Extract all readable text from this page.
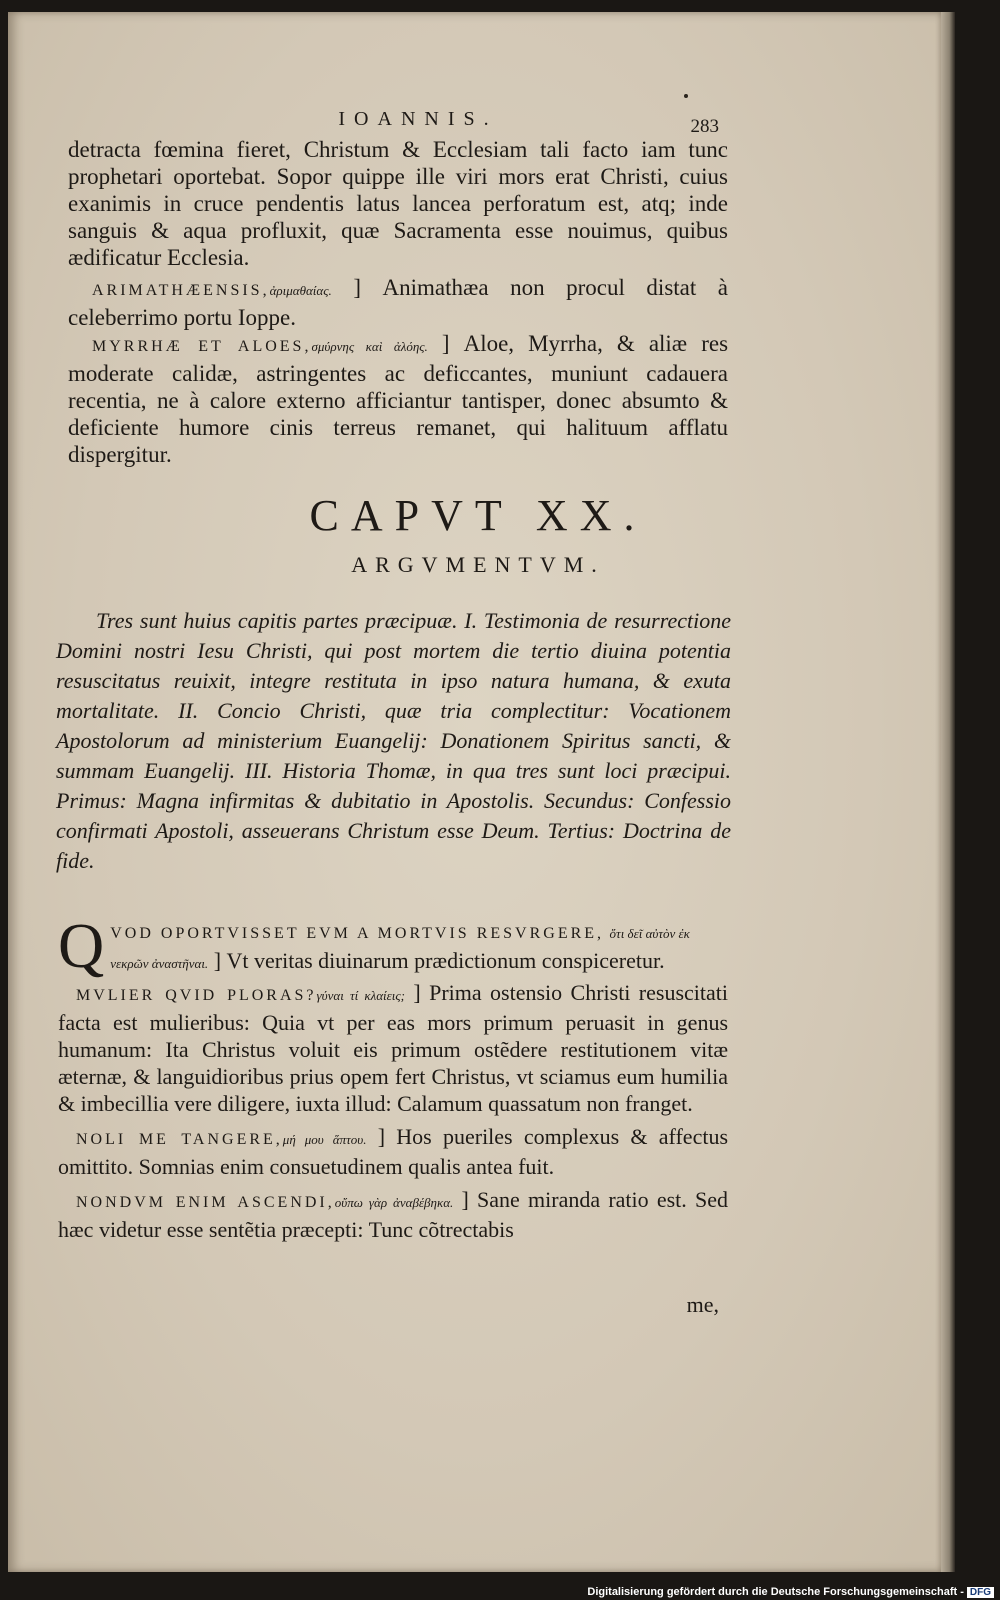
IOANNIS.	283
detracta fœmina fieret, Christum & Ecclesiam tali facto iam tunc prophetari oportebat. Sopor quippe ille viri mors erat Christi, cuius exanimis in cruce pendentis latus lancea perforatum est, atq; inde sanguis & aqua profluxit, quæ Sacramenta esse nouimus, quibus ædificatur Ecclesia.
ARIMATHÆENSIS,ἀριμαθαίας. ] Animathæa non procul distat à celeberrimo portu Ioppe.
MYRRHÆ ET ALOES,σμύρνης καὶ ἀλόης. ] Aloe, Myrrha, & aliæ res moderate calidæ, astringentes ac deficcantes, muniunt cadauera recentia, ne à calore externo afficiantur tantisper, donec absumto & deficiente humore cinis terreus remanet, qui halituum afflatu dispergitur.
CAPVT XX.
ARGVMENTVM.
Tres sunt huius capitis partes præcipuæ. I. Testimonia de resurrectione Domini nostri Iesu Christi, qui post mortem die tertio diuina potentia resuscitatus reuixit, integre restituta in ipso natura humana, & exuta mortalitate. II. Concio Christi, quæ tria complectitur: Vocationem Apostolorum ad ministerium Euangelij: Donationem Spiritus sancti, & summam Euangelij. III. Historia Thomæ, in qua tres sunt loci præcipui. Primus: Magna infirmitas & dubitatio in Apostolis. Secundus: Confessio confirmati Apostoli, asseuerans Christum esse Deum. Tertius: Doctrina de fide.
Q VOD OPORTVISSET EVM A MORTVIS RESVRGERE, ὅτι δεῖ αὐτὸν ἐκ νεκρῶν ἀναστῆναι. ] Vt veritas diuinarum prædictionum conspiceretur.
MVLIER QVID PLORAS?γύναι τί κλαίεις; ] Prima ostensio Christi resuscitati facta est mulieribus: Quia vt per eas mors primum peruasit in genus humanum: Ita Christus voluit eis primum ostẽdere restitutionem vitæ æternæ, & languidioribus prius opem fert Christus, vt sciamus eum humilia & imbecillia vere diligere, iuxta illud: Calamum quassatum non franget.
NOLI ME TANGERE,μή μου ἅπτου. ] Hos pueriles complexus & affectus omittito. Somnias enim consuetudinem qualis antea fuit.
NONDVM ENIM ASCENDI,οὔπω γὰρ ἀναβέβηκα. ] Sane miranda ratio est. Sed hæc videtur esse sentẽtia præcepti: Tunc cõtrectabis
me,
Digitalisierung gefördert durch die Deutsche Forschungsgemeinschaft - DFG
